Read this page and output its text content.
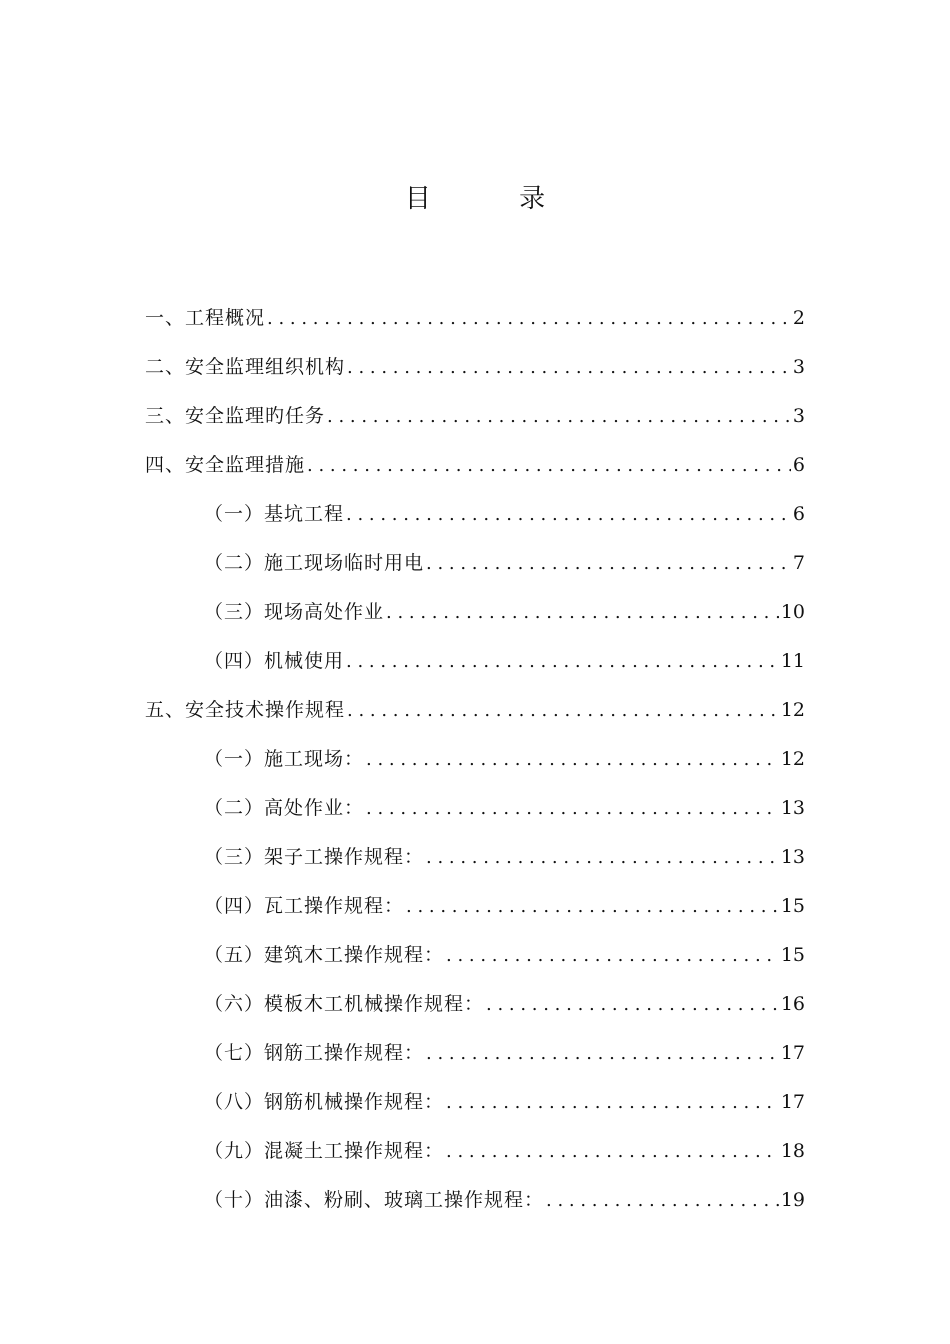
目 录
一、工程概况 . . .	2
二、安全监理组织机构 . . .	3
三、安全监理旳任务 . . .	3
四、安全监理措施 . . .	6
（一）基坑工程 . . .	6
（二）施工现场临时用电 . . .	7
（三）现场高处作业 . . .	10
（四）机械使用 . . .	11
五、安全技术操作规程 . . .	12
（一）施工现场： . . .	12
（二）高处作业： . . .	13
（三）架子工操作规程： . . .	13
（四）瓦工操作规程： . . .	15
（五）建筑木工操作规程： . . .	15
（六）模板木工机械操作规程： . . .	16
（七）钢筋工操作规程： . . .	17
（八）钢筋机械操作规程： . . .	17
（九）混凝土工操作规程： . . .	18
（十）油漆、粉刷、玻璃工操作规程： . . .	19
